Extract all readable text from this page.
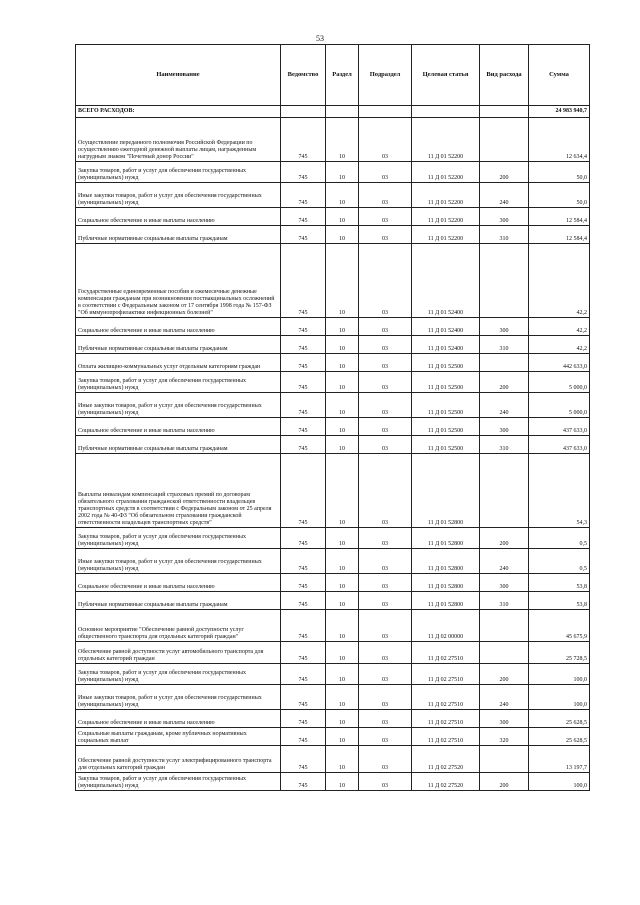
53
Наименование	Ведомство	Раздел	Подраздел	Целевая статья	Вид расхода	Сумма
ВСЕГО РАСХОДОВ:						24 983 940,7
Осуществление переданного полномочия Российской Федерации по осуществлению ежегодной денежной выплаты лицам, награжденным нагрудным знаком "Почетный донор России"	745	10	03	11 Д 01 52200		12 634,4
Закупка товаров, работ и услуг для обеспечения государственных (муниципальных) нужд	745	10	03	11 Д 01 52200	200	50,0
Иные закупки товаров, работ и услуг для обеспечения государственных (муниципальных) нужд	745	10	03	11 Д 01 52200	240	50,0
Социальное обеспечение и иные выплаты населению	745	10	03	11 Д 01 52200	300	12 584,4
Публичные нормативные социальные выплаты гражданам	745	10	03	11 Д 01 52200	310	12 584,4
Государственные единовременные пособия и ежемесячные денежные компенсации гражданам при возникновении поствакцинальных осложнений в соответствии с Федеральным законом от 17 сентября 1998 года № 157-ФЗ "Об иммунопрофилактике инфекционных болезней"	745	10	03	11 Д 01 52400		42,2
Социальное обеспечение и иные выплаты населению	745	10	03	11 Д 01 52400	300	42,2
Публичные нормативные социальные выплаты гражданам	745	10	03	11 Д 01 52400	310	42,2
Оплата жилищно-коммунальных услуг отдельным категориям граждан	745	10	03	11 Д 01 52500		442 633,0
Закупка товаров, работ и услуг для обеспечения государственных (муниципальных) нужд	745	10	03	11 Д 01 52500	200	5 000,0
Иные закупки товаров, работ и услуг для обеспечения государственных (муниципальных) нужд	745	10	03	11 Д 01 52500	240	5 000,0
Социальное обеспечение и иные выплаты населению	745	10	03	11 Д 01 52500	300	437 633,0
Публичные нормативные социальные выплаты гражданам	745	10	03	11 Д 01 52500	310	437 633,0
Выплаты инвалидам компенсаций страховых премий по договорам обязательного страхования гражданской ответственности владельцев транспортных средств в соответствии с Федеральным законом от 25 апреля 2002 года № 40-ФЗ "Об обязательном страховании гражданской ответственности владельцев транспортных средств"	745	10	03	11 Д 01 52800		54,3
Закупка товаров, работ и услуг для обеспечения государственных (муниципальных) нужд	745	10	03	11 Д 01 52800	200	0,5
Иные закупки товаров, работ и услуг для обеспечения государственных (муниципальных) нужд	745	10	03	11 Д 01 52800	240	0,5
Социальное обеспечение и иные выплаты населению	745	10	03	11 Д 01 52800	300	53,8
Публичные нормативные социальные выплаты гражданам	745	10	03	11 Д 01 52800	310	53,8
Основное мероприятие "Обеспечение равной доступности услуг общественного транспорта для отдельных категорий граждан"	745	10	03	11 Д 02 00000		45 675,9
Обеспечение равной доступности услуг автомобильного транспорта для отдельных категорий граждан	745	10	03	11 Д 02 27510		25 728,5
Закупка товаров, работ и услуг для обеспечения государственных (муниципальных) нужд	745	10	03	11 Д 02 27510	200	100,0
Иные закупки товаров, работ и услуг для обеспечения государственных (муниципальных) нужд	745	10	03	11 Д 02 27510	240	100,0
Социальное обеспечение и иные выплаты населению	745	10	03	11 Д 02 27510	300	25 628,5
Социальные выплаты гражданам, кроме публичных нормативных социальных выплат	745	10	03	11 Д 02 27510	320	25 628,5
Обеспечение равной доступности услуг электрифицированного транспорта для отдельных категорий граждан	745	10	03	11 Д 02 27520		13 197,7
Закупка товаров, работ и услуг для обеспечения государственных (муниципальных) нужд	745	10	03	11 Д 02 27520	200	100,0
